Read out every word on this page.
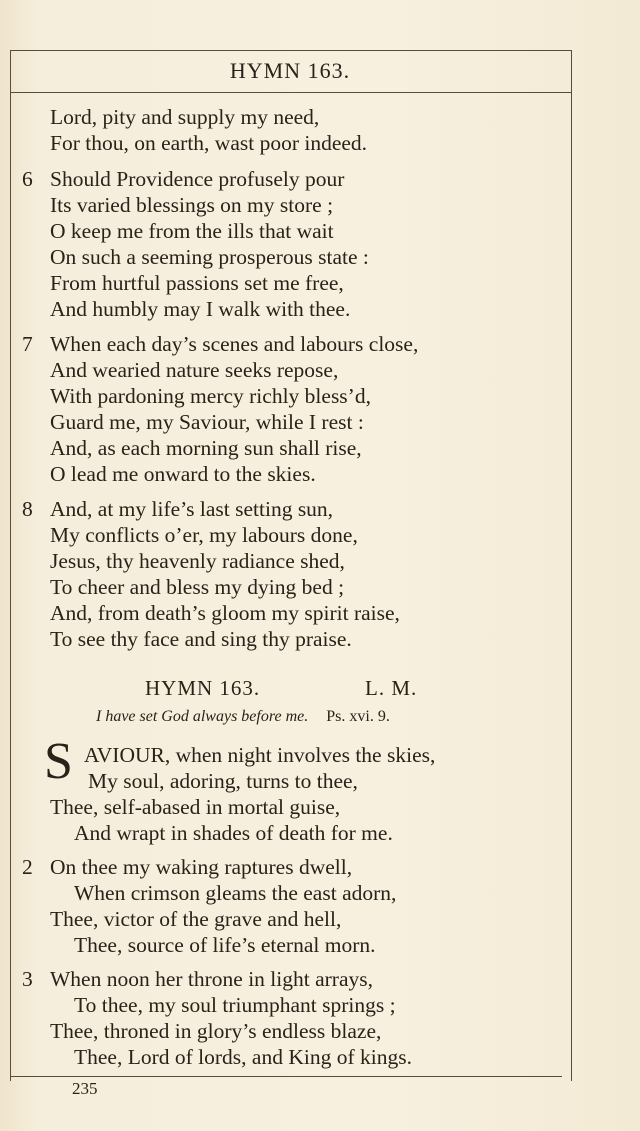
HYMN 163.
Lord, pity and supply my need,
For thou, on earth, wast poor indeed.
6 Should Providence profusely pour
Its varied blessings on my store ;
O keep me from the ills that wait
On such a seeming prosperous state :
From hurtful passions set me free,
And humbly may I walk with thee.
7 When each day’s scenes and labours close,
And wearied nature seeks repose,
With pardoning mercy richly bless’d,
Guard me, my Saviour, while I rest :
And, as each morning sun shall rise,
O lead me onward to the skies.
8 And, at my life’s last setting sun,
My conflicts o’er, my labours done,
Jesus, thy heavenly radiance shed,
To cheer and bless my dying bed ;
And, from death’s gloom my spirit raise,
To see thy face and sing thy praise.
HYMN 163.	L. M.
I have set God always before me. Ps. xvi. 9.
S AVIOUR, when night involves the skies,
My soul, adoring, turns to thee,
Thee, self-abased in mortal guise,
And wrapt in shades of death for me.
2 On thee my waking raptures dwell,
When crimson gleams the east adorn,
Thee, victor of the grave and hell,
Thee, source of life’s eternal morn.
3 When noon her throne in light arrays,
To thee, my soul triumphant springs ;
Thee, throned in glory’s endless blaze,
Thee, Lord of lords, and King of kings.
235
